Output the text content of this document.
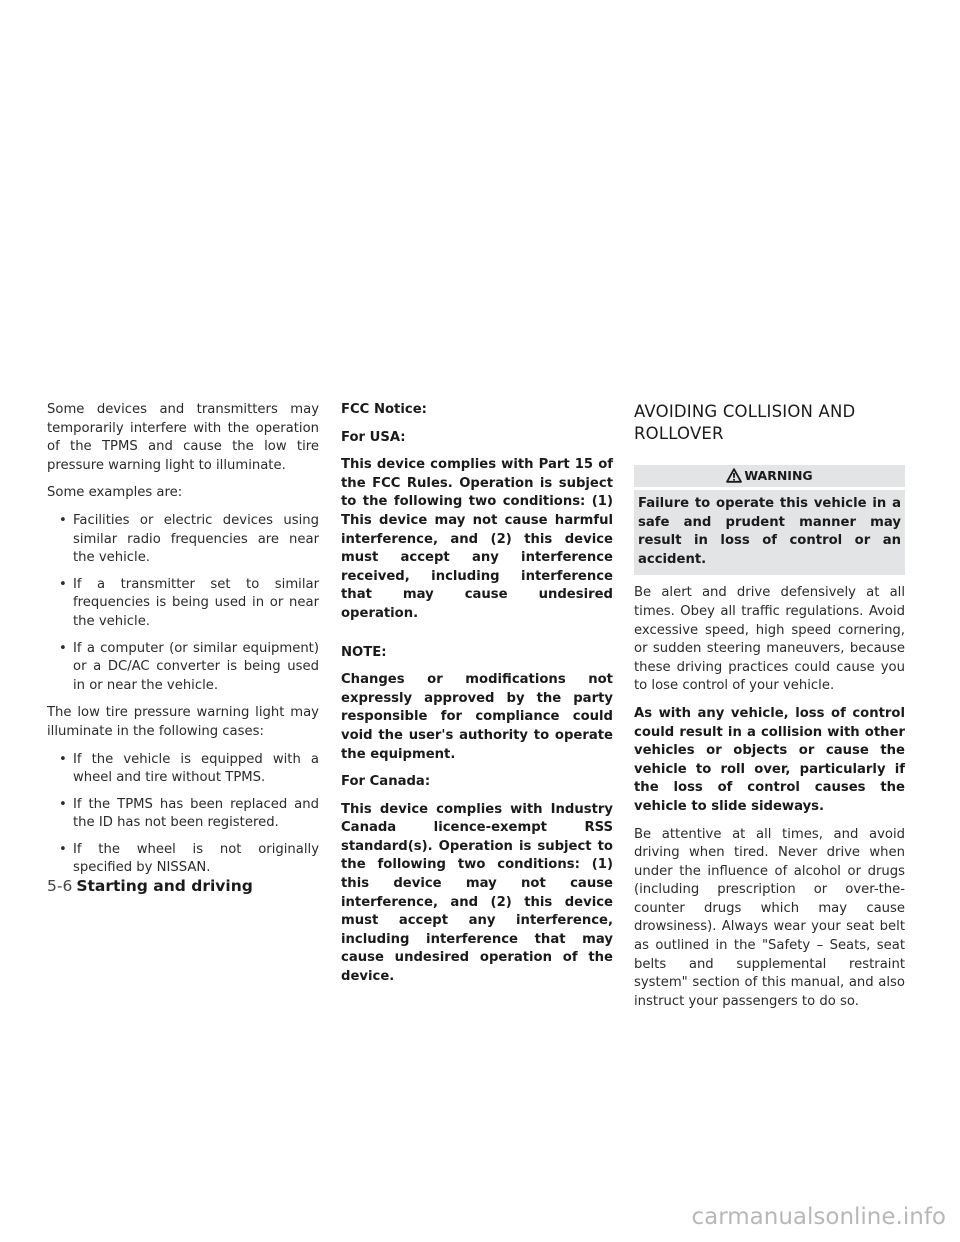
Some devices and transmitters may temporarily interfere with the operation of the TPMS and cause the low tire pressure warning light to illuminate.

Some examples are:

• Facilities or electric devices using similar radio frequencies are near the vehicle.
• If a transmitter set to similar frequencies is being used in or near the vehicle.
• If a computer (or similar equipment) or a DC/AC converter is being used in or near the vehicle.

The low tire pressure warning light may illuminate in the following cases:

• If the vehicle is equipped with a wheel and tire without TPMS.
• If the TPMS has been replaced and the ID has not been registered.
• If the wheel is not originally specified by NISSAN.

FCC Notice:

For USA:

This device complies with Part 15 of the FCC Rules. Operation is subject to the following two conditions: (1) This device may not cause harmful interference, and (2) this device must accept any interference received, including interference that may cause undesired operation.

NOTE:

Changes or modifications not expressly approved by the party responsible for compliance could void the user's authority to operate the equipment.

For Canada:

This device complies with Industry Canada licence-exempt RSS standard(s). Operation is subject to the following two conditions: (1) this device may not cause interference, and (2) this device must accept any interference, including interference that may cause undesired operation of the device.

AVOIDING COLLISION AND ROLLOVER
WARNING
Failure to operate this vehicle in a safe and prudent manner may result in loss of control or an accident.

Be alert and drive defensively at all times. Obey all traffic regulations. Avoid excessive speed, high speed cornering, or sudden steering maneuvers, because these driving practices could cause you to lose control of your vehicle.

As with any vehicle, loss of control could result in a collision with other vehicles or objects or cause the vehicle to roll over, particularly if the loss of control causes the vehicle to slide sideways.

Be attentive at all times, and avoid driving when tired. Never drive when under the influence of alcohol or drugs (including prescription or over-the-counter drugs which may cause drowsiness). Always wear your seat belt as outlined in the "Safety – Seats, seat belts and supplemental restraint system" section of this manual, and also instruct your passengers to do so.

5-6 Starting and driving
carmanualsonline.info
